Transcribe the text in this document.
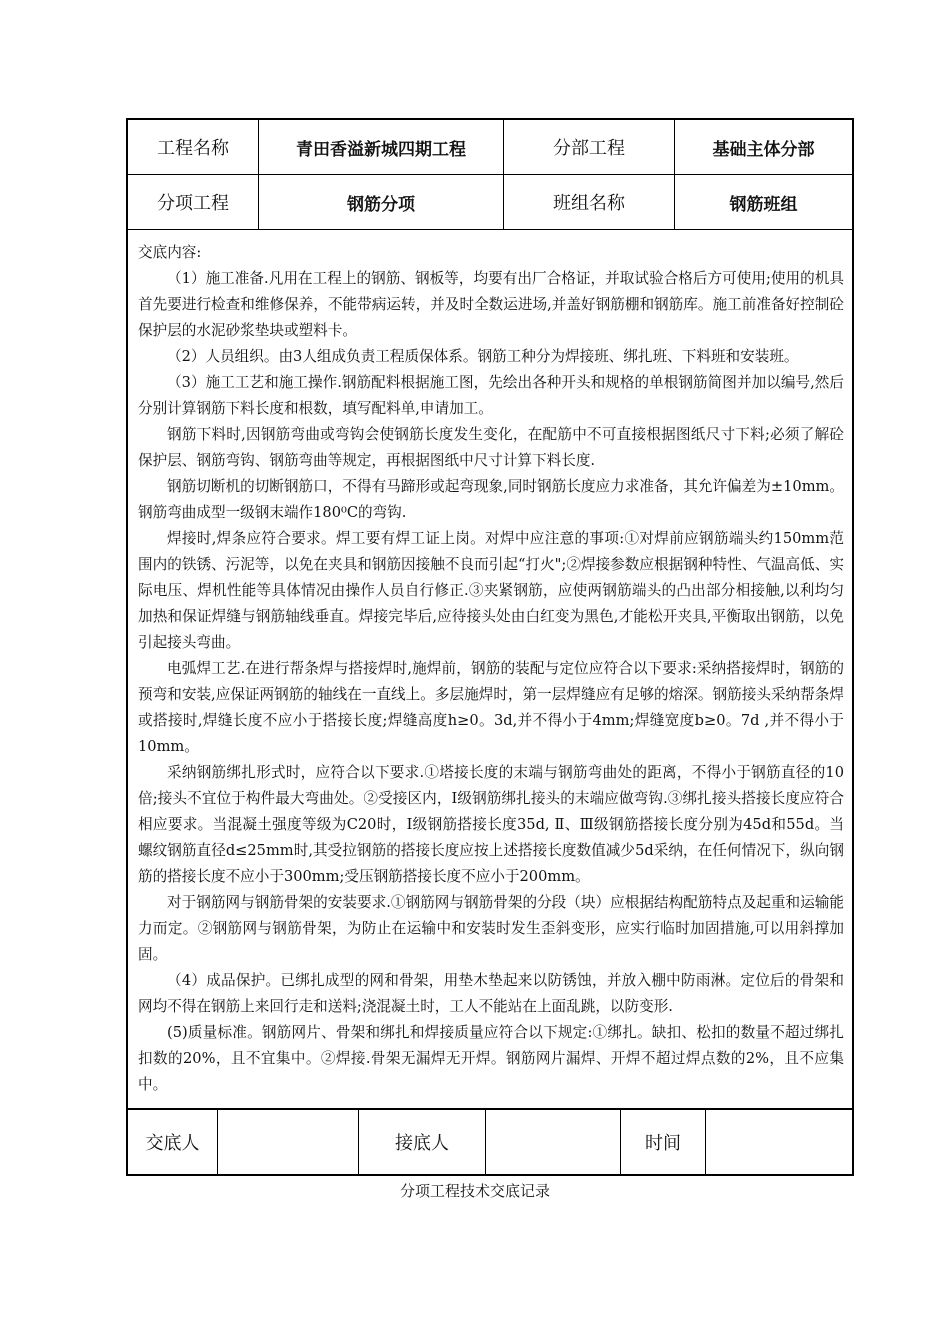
工程名称	青田香溢新城四期工程	分部工程	基础主体分部
分项工程	钢筋分项	班组名称	钢筋班组

交底内容:

（1）施工准备.凡用在工程上的钢筋、钢板等，均要有出厂合格证，并取试验合格后方可使用;使用的机具首先要进行检查和维修保养，不能带病运转，并及时全数运进场,并盖好钢筋棚和钢筋库。施工前准备好控制砼保护层的水泥砂浆垫块或塑料卡。

（2）人员组织。由3人组成负责工程质保体系。钢筋工种分为焊接班、绑扎班、下料班和安装班。

（3）施工工艺和施工操作.钢筋配料根据施工图，先绘出各种开头和规格的单根钢筋简图并加以编号,然后分别计算钢筋下料长度和根数，填写配料单,申请加工。

钢筋下料时,因钢筋弯曲或弯钩会使钢筋长度发生变化，在配筋中不可直接根据图纸尺寸下料;必须了解砼保护层、钢筋弯钩、钢筋弯曲等规定，再根据图纸中尺寸计算下料长度.

钢筋切断机的切断钢筋口，不得有马蹄形或起弯现象,同时钢筋长度应力求准备，其允许偏差为±10mm。钢筋弯曲成型一级钢末端作180⁰C的弯钩.

焊接时,焊条应符合要求。焊工要有焊工证上岗。对焊中应注意的事项:①对焊前应钢筋端头约150mm范围内的铁锈、污泥等，以免在夹具和钢筋因接触不良而引起“打火";②焊接参数应根据钢种特性、气温高低、实际电压、焊机性能等具体情况由操作人员自行修正.③夹紧钢筋，应使两钢筋端头的凸出部分相接触,以利均匀加热和保证焊缝与钢筋轴线垂直。焊接完毕后,应待接头处由白红变为黑色,才能松开夹具,平衡取出钢筋，以免引起接头弯曲。

电弧焊工艺.在进行帮条焊与搭接焊时,施焊前，钢筋的装配与定位应符合以下要求:采纳搭接焊时，钢筋的预弯和安装,应保证两钢筋的轴线在一直线上。多层施焊时，第一层焊缝应有足够的熔深。钢筋接头采纳帮条焊或搭接时,焊缝长度不应小于搭接长度;焊缝高度h≥0。3d,并不得小于4mm;焊缝宽度b≥0。7d ,并不得小于10mm。

采纳钢筋绑扎形式时，应符合以下要求.①塔接长度的末端与钢筋弯曲处的距离，不得小于钢筋直径的10倍;接头不宜位于构件最大弯曲处。②受接区内，I级钢筋绑扎接头的末端应做弯钩.③绑扎接头搭接长度应符合相应要求。当混凝土强度等级为C20时，I级钢筋搭接长度35d, Ⅱ、Ⅲ级钢筋搭接长度分别为45d和55d。当螺纹钢筋直径d≤25mm时,其受拉钢筋的搭接长度应按上述搭接长度数值减少5d采纳，在任何情况下，纵向钢筋的搭接长度不应小于300mm;受压钢筋搭接长度不应小于200mm。

对于钢筋网与钢筋骨架的安装要求.①钢筋网与钢筋骨架的分段（块）应根据结构配筋特点及起重和运输能力而定。②钢筋网与钢筋骨架，为防止在运输中和安装时发生歪斜变形，应实行临时加固措施,可以用斜撑加固。

（4）成品保护。已绑扎成型的网和骨架，用垫木垫起来以防锈蚀，并放入棚中防雨淋。定位后的骨架和网均不得在钢筋上来回行走和送料;浇混凝土时，工人不能站在上面乱跳，以防变形.

(5)质量标准。钢筋网片、骨架和绑扎和焊接质量应符合以下规定:①绑扎。缺扣、松扣的数量不超过绑扎扣数的20%，且不宜集中。②焊接.骨架无漏焊无开焊。钢筋网片漏焊、开焊不超过焊点数的2%，且不应集中。

交底人	接底人	时间
分项工程技术交底记录
